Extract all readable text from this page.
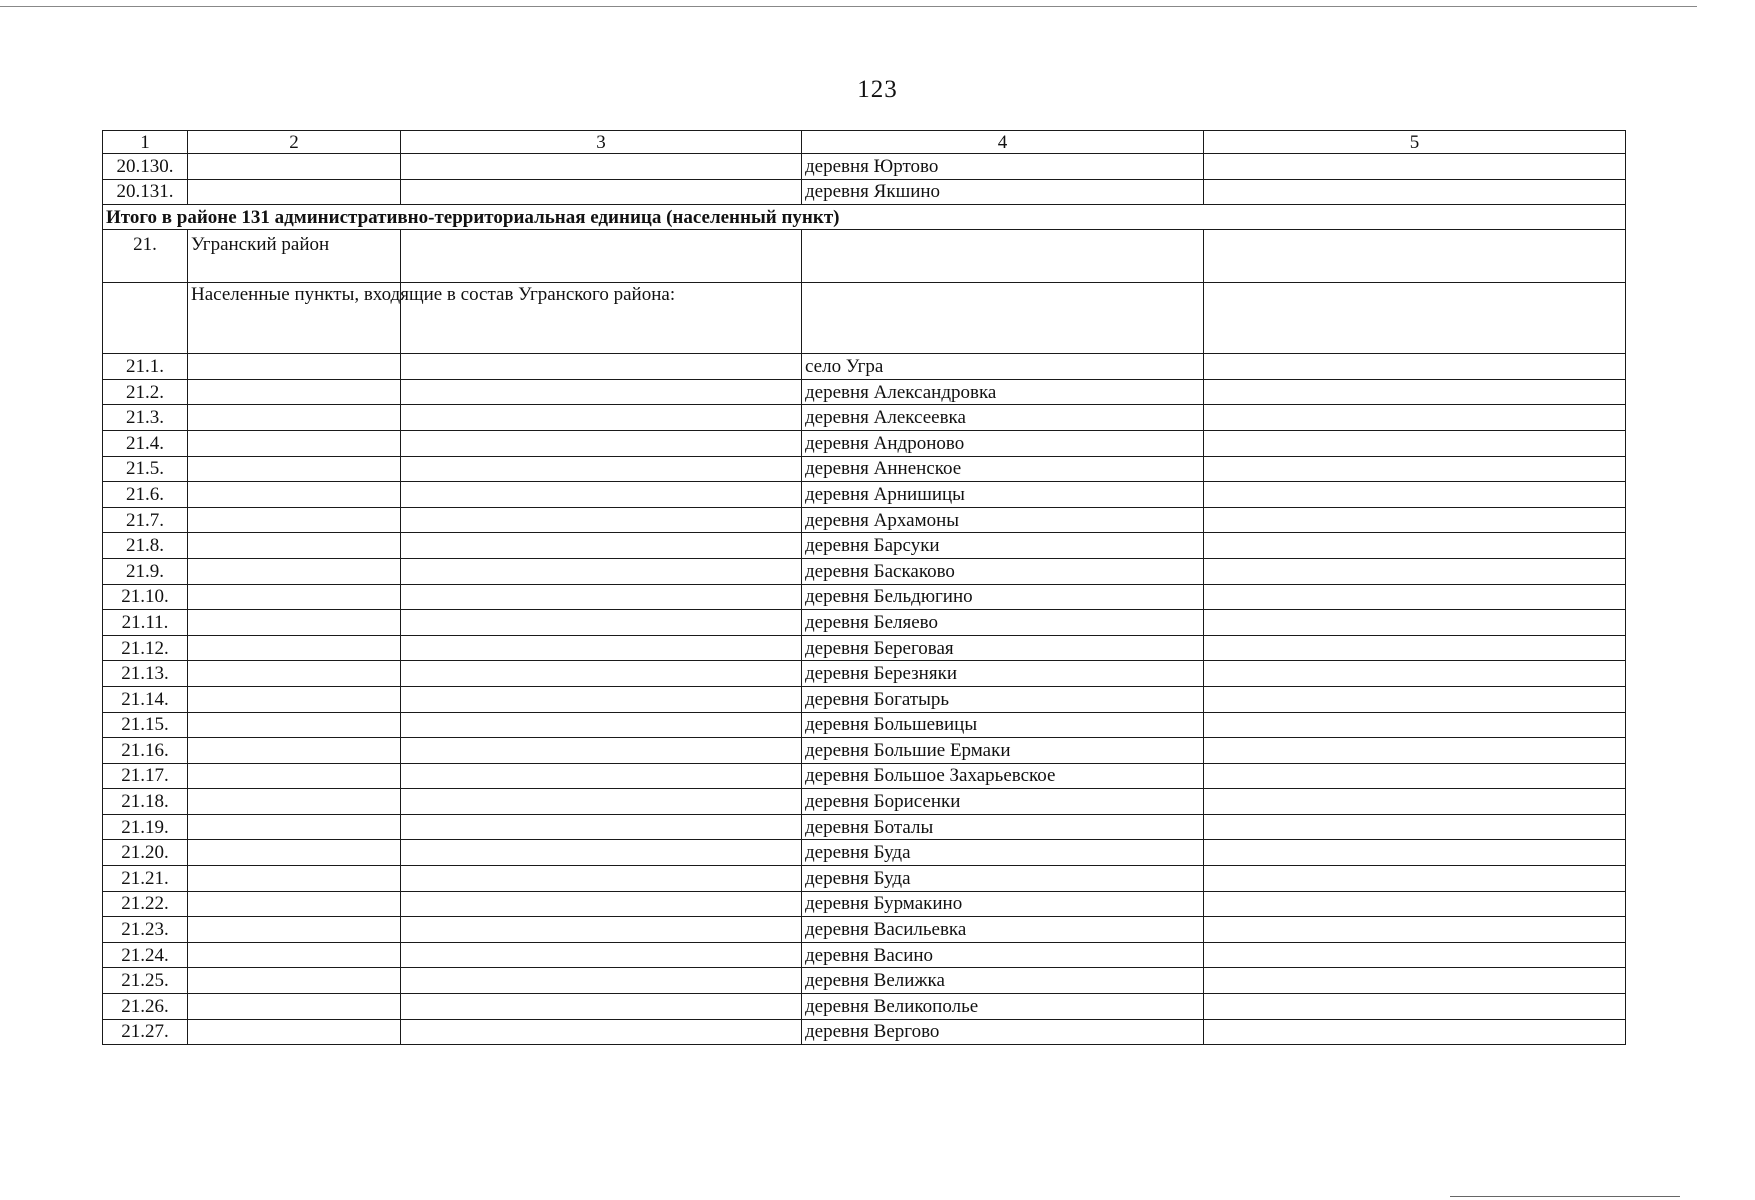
123
1	2	3	4	5
20.130.			деревня Юртово	
20.131.			деревня Якшино	
Итого в районе 131 административно-территориальная единица (населенный пункт)				
21.	Угранский район			
	Населенные пункты, входящие в состав Угранского района:			
21.1.			село Угра	
21.2.			деревня Александровка	
21.3.			деревня Алексеевка	
21.4.			деревня Андроново	
21.5.			деревня Анненское	
21.6.			деревня Арнишицы	
21.7.			деревня Архамоны	
21.8.			деревня Барсуки	
21.9.			деревня Баскаково	
21.10.			деревня Бельдюгино	
21.11.			деревня Беляево	
21.12.			деревня Береговая	
21.13.			деревня Березняки	
21.14.			деревня Богатырь	
21.15.			деревня Большевицы	
21.16.			деревня Большие Ермаки	
21.17.			деревня Большое Захарьевское	
21.18.			деревня Борисенки	
21.19.			деревня Боталы	
21.20.			деревня Буда	
21.21.			деревня Буда	
21.22.			деревня Бурмакино	
21.23.			деревня Васильевка	
21.24.			деревня Васино	
21.25.			деревня Велижка	
21.26.			деревня Великополье	
21.27.			деревня Вергово	
